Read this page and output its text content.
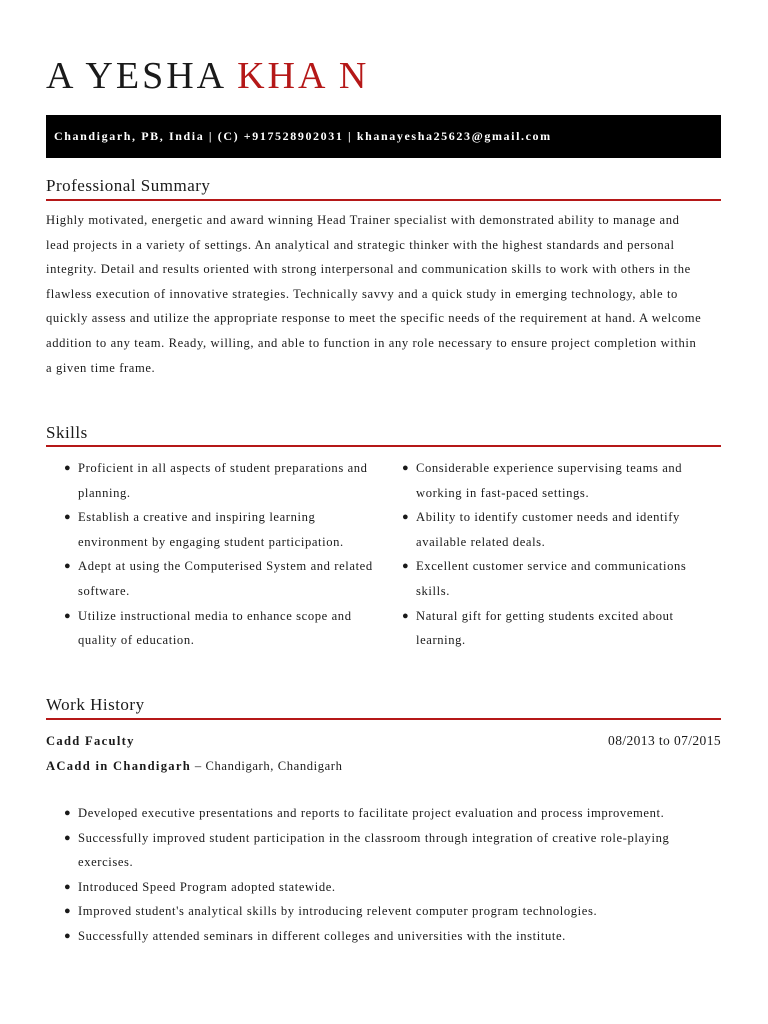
A YESHA KHA N
Chandigarh, PB, India | (C) +917528902031 | khanayesha25623@gmail.com
Professional Summary

Highly motivated, energetic and award winning Head Trainer specialist with demonstrated ability to manage and lead projects in a variety of settings. An analytical and strategic thinker with the highest standards and personal integrity. Detail and results oriented with strong interpersonal and communication skills to work with others in the flawless execution of innovative strategies. Technically savvy and a quick study in emerging technology, able to quickly assess and utilize the appropriate response to meet the specific needs of the requirement at hand. A welcome addition to any team. Ready, willing, and able to function in any role necessary to ensure project completion within a given time frame.

Skills
● Proficient in all aspects of student preparations and planning.
● Establish a creative and inspiring learning environment by engaging student participation.
● Adept at using the Computerised System and related software.
● Utilize instructional media to enhance scope and quality of education.
● Considerable experience supervising teams and working in fast-paced settings.
● Ability to identify customer needs and identify available related deals.
● Excellent customer service and communications skills.
● Natural gift for getting students excited about learning.
Work History
Cadd Faculty	08/2013 to 07/2015
ACadd in Chandigarh – Chandigarh, Chandigarh
● Developed executive presentations and reports to facilitate project evaluation and process improvement.
● Successfully improved student participation in the classroom through integration of creative role-playing exercises.
● Introduced Speed Program adopted statewide.
● Improved student's analytical skills by introducing relevent computer program technologies.
● Successfully attended seminars in different colleges and universities with the institute.
